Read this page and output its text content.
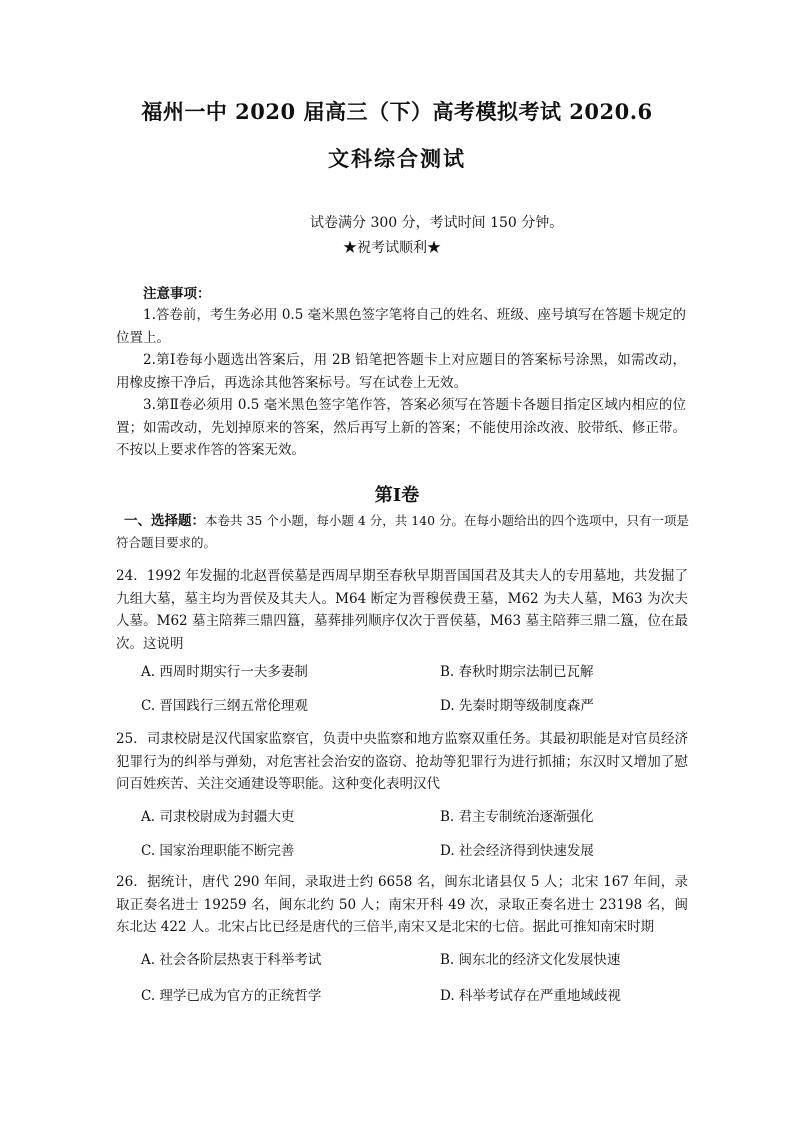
福州一中 2020 届高三（下）高考模拟考试 2020.6
文科综合测试
试卷满分 300 分，考试时间 150 分钟。
★祝考试顺利★
注意事项：
1.答卷前，考生务必用 0.5 毫米黑色签字笔将自己的姓名、班级、座号填写在答题卡规定的位置上。
2.第Ⅰ卷每小题选出答案后，用 2B 铅笔把答题卡上对应题目的答案标号涂黑，如需改动，用橡皮擦干净后，再选涂其他答案标号。写在试卷上无效。
3.第Ⅱ卷必须用 0.5 毫米黑色签字笔作答，答案必须写在答题卡各题目指定区域内相应的位置；如需改动，先划掉原来的答案，然后再写上新的答案；不能使用涂改液、胶带纸、修正带。不按以上要求作答的答案无效。
第Ⅰ卷
一、选择题：本卷共 35 个小题，每小题 4 分，共 140 分。在每小题给出的四个选项中，只有一项是符合题目要求的。
24．1992 年发掘的北赵晋侯墓是西周早期至春秋早期晋国国君及其夫人的专用墓地，共发掘了九组大墓，墓主均为晋侯及其夫人。M64 断定为晋穆侯费王墓，M62 为夫人墓，M63 为次夫人墓。M62 墓主陪葬三鼎四簋，墓葬排列顺序仅次于晋侯墓，M63 墓主陪葬三鼎二簋，位在最次。这说明
A. 西周时期实行一夫多妻制	B. 春秋时期宗法制已瓦解
C. 晋国践行三纲五常伦理观	D. 先秦时期等级制度森严
25．司隶校尉是汉代国家监察官，负责中央监察和地方监察双重任务。其最初职能是对官员经济犯罪行为的纠举与弹劾，对危害社会治安的盗窃、抢劫等犯罪行为进行抓捕；东汉时又增加了慰问百姓疾苦、关注交通建设等职能。这种变化表明汉代
A. 司隶校尉成为封疆大吏	B. 君主专制统治逐渐强化
C. 国家治理职能不断完善	D. 社会经济得到快速发展
26．据统计，唐代 290 年间，录取进士约 6658 名，闽东北诸县仅 5 人；北宋 167 年间，录取正奏名进士 19259 名，闽东北约 50 人；南宋开科 49 次，录取正奏名进士 23198 名，闽东北达 422 人。北宋占比已经是唐代的三倍半,南宋又是北宋的七倍。据此可推知南宋时期
A. 社会各阶层热衷于科举考试	B. 闽东北的经济文化发展快速
C. 理学已成为官方的正统哲学	D. 科举考试存在严重地域歧视
